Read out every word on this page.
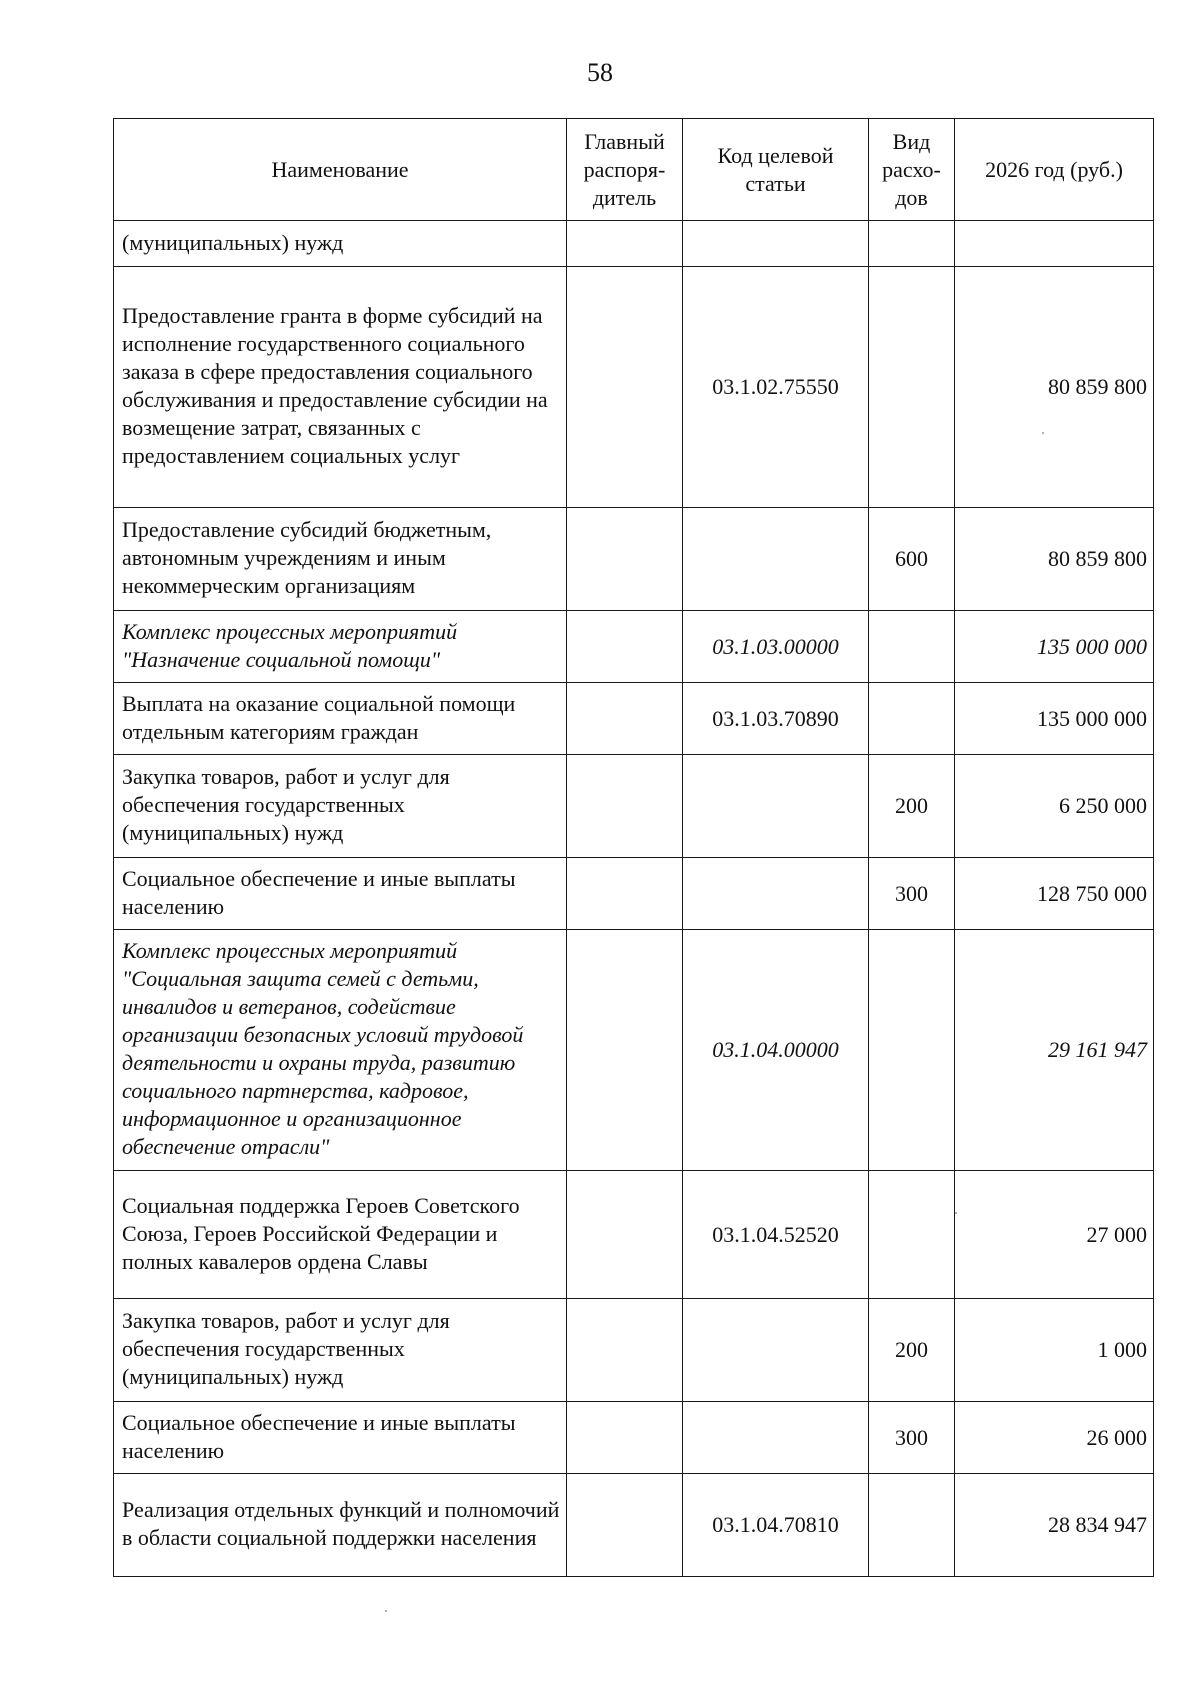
58
Наименование	Главный распоря-дитель	Код целевой статьи	Вид расхо-дов	2026 год (руб.)
(муниципальных) нужд				
Предоставление гранта в форме субсидий на исполнение государственного социального заказа в сфере предоставления социального обслуживания и предоставление субсидии на возмещение затрат, связанных с предоставлением социальных услуг		03.1.02.75550		80 859 800
Предоставление субсидий бюджетным, автономным учреждениям и иным некоммерческим организациям			600	80 859 800
Комплекс процессных мероприятий "Назначение социальной помощи"		03.1.03.00000		135 000 000
Выплата на оказание социальной помощи отдельным категориям граждан		03.1.03.70890		135 000 000
Закупка товаров, работ и услуг для обеспечения государственных (муниципальных) нужд			200	6 250 000
Социальное обеспечение и иные выплаты населению			300	128 750 000
Комплекс процессных мероприятий "Социальная защита семей с детьми, инвалидов и ветеранов, содействие организации безопасных условий трудовой деятельности и охраны труда, развитию социального партнерства, кадровое, информационное и организационное обеспечение отрасли"		03.1.04.00000		29 161 947
Социальная поддержка Героев Советского Союза, Героев Российской Федерации и полных кавалеров ордена Славы		03.1.04.52520		27 000
Закупка товаров, работ и услуг для обеспечения государственных (муниципальных) нужд			200	1 000
Социальное обеспечение и иные выплаты населению			300	26 000
Реализация отдельных функций и полномочий в области социальной поддержки населения		03.1.04.70810		28 834 947
